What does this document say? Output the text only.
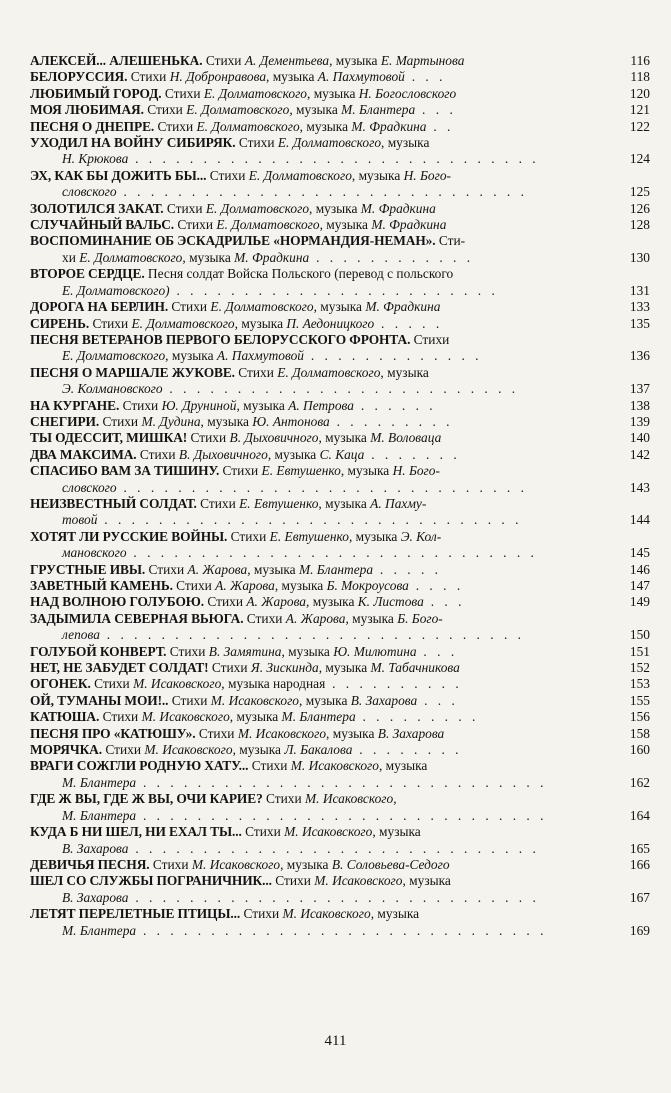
АЛЕКСЕЙ... АЛЕШЕНЬКА. Стихи А. Дементьева, музыка Е. Мартынова	116
БЕЛОРУССИЯ. Стихи Н. Добронравова, музыка А. Пахмутовой . . .	118
ЛЮБИМЫЙ ГОРОД. Стихи Е. Долматовского, музыка Н. Богословского	120
МОЯ ЛЮБИМАЯ. Стихи Е. Долматовского, музыка М. Блантера . . .	121
ПЕСНЯ О ДНЕПРЕ. Стихи Е. Долматовского, музыка М. Фрадкина . .	122
УХОДИЛ НА ВОЙНУ СИБИРЯК. Стихи Е. Долматовского, музыка
Н. Крюкова . . . . . . . . . . . . . . . . . . . . . . . . . . . . . .	124
ЭХ, КАК БЫ ДОЖИТЬ БЫ... Стихи Е. Долматовского, музыка Н. Бого-
словского . . . . . . . . . . . . . . . . . . . . . . . . . . . . . .	125
ЗОЛОТИЛСЯ ЗАКАТ. Стихи Е. Долматовского, музыка М. Фрадкина	126
СЛУЧАЙНЫЙ ВАЛЬС. Стихи Е. Долматовского, музыка М. Фрадкина	128
ВОСПОМИНАНИЕ ОБ ЭСКАДРИЛЬЕ «НОРМАНДИЯ-НЕМАН». Сти-
хи Е. Долматовского, музыка М. Фрадкина . . . . . . . . . . . .	130
ВТОРОЕ СЕРДЦЕ. Песня солдат Войска Польского (перевод с польского
Е. Долматовского) . . . . . . . . . . . . . . . . . . . . . . . .	131
ДОРОГА НА БЕРЛИН. Стихи Е. Долматовского, музыка М. Фрадкина	133
СИРЕНЬ. Стихи Е. Долматовского, музыка П. Аедоницкого . . . . .	135
ПЕСНЯ ВЕТЕРАНОВ ПЕРВОГО БЕЛОРУССКОГО ФРОНТА. Стихи
Е. Долматовского, музыка А. Пахмутовой . . . . . . . . . . . . .	136
ПЕСНЯ О МАРШАЛЕ ЖУКОВЕ. Стихи Е. Долматовского, музыка
Э. Колмановского . . . . . . . . . . . . . . . . . . . . . . . . . .	137
НА КУРГАНЕ. Стихи Ю. Друниной, музыка А. Петрова . . . . . .	138
СНЕГИРИ. Стихи М. Дудина, музыка Ю. Антонова . . . . . . . . .	139
ТЫ ОДЕССИТ, МИШКА! Стихи В. Дыховичного, музыка М. Воловаца	140
ДВА МАКСИМА. Стихи В. Дыховичного, музыка С. Каца . . . . . . .	142
СПАСИБО ВАМ ЗА ТИШИНУ. Стихи Е. Евтушенко, музыка Н. Бого-
словского . . . . . . . . . . . . . . . . . . . . . . . . . . . . . .	143
НЕИЗВЕСТНЫЙ СОЛДАТ. Стихи Е. Евтушенко, музыка А. Пахму-
товой . . . . . . . . . . . . . . . . . . . . . . . . . . . . . . .	144
ХОТЯТ ЛИ РУССКИЕ ВОЙНЫ. Стихи Е. Евтушенко, музыка Э. Кол-
мановского . . . . . . . . . . . . . . . . . . . . . . . . . . . . . .	145
ГРУСТНЫЕ ИВЫ. Стихи А. Жарова, музыка М. Блантера . . . . .	146
ЗАВЕТНЫЙ КАМЕНЬ. Стихи А. Жарова, музыка Б. Мокроусова . . . .	147
НАД ВОЛНОЮ ГОЛУБОЮ. Стихи А. Жарова, музыка К. Листова . . .	149
ЗАДЫМИЛА СЕВЕРНАЯ ВЬЮГА. Стихи А. Жарова, музыка Б. Бого-
лепова . . . . . . . . . . . . . . . . . . . . . . . . . . . . . . .	150
ГОЛУБОЙ КОНВЕРТ. Стихи В. Замятина, музыка Ю. Милютина . . .	151
НЕТ, НЕ ЗАБУДЕТ СОЛДАТ! Стихи Я. Зискинда, музыка М. Табачникова	152
ОГОНЕК. Стихи М. Исаковского, музыка народная . . . . . . . . . .	153
ОЙ, ТУМАНЫ МОИ!.. Стихи М. Исаковского, музыка В. Захарова . . .	155
КАТЮША. Стихи М. Исаковского, музыка М. Блантера . . . . . . . . .	156
ПЕСНЯ ПРО «КАТЮШУ». Стихи М. Исаковского, музыка В. Захарова	158
МОРЯЧКА. Стихи М. Исаковского, музыка Л. Бакалова . . . . . . . .	160
ВРАГИ СОЖГЛИ РОДНУЮ ХАТУ... Стихи М. Исаковского, музыка
М. Блантера . . . . . . . . . . . . . . . . . . . . . . . . . . . . . .	162
ГДЕ Ж ВЫ, ГДЕ Ж ВЫ, ОЧИ КАРИЕ? Стихи М. Исаковского,
М. Блантера . . . . . . . . . . . . . . . . . . . . . . . . . . . . . .	164
КУДА Б НИ ШЕЛ, НИ ЕХАЛ ТЫ... Стихи М. Исаковского, музыка
В. Захарова . . . . . . . . . . . . . . . . . . . . . . . . . . . . . .	165
ДЕВИЧЬЯ ПЕСНЯ. Стихи М. Исаковского, музыка В. Соловьева-Седого	166
ШЕЛ СО СЛУЖБЫ ПОГРАНИЧНИК... Стихи М. Исаковского, музыка
В. Захарова . . . . . . . . . . . . . . . . . . . . . . . . . . . . . .	167
ЛЕТЯТ ПЕРЕЛЕТНЫЕ ПТИЦЫ... Стихи М. Исаковского, музыка
М. Блантера . . . . . . . . . . . . . . . . . . . . . . . . . . . . . .	169
411
